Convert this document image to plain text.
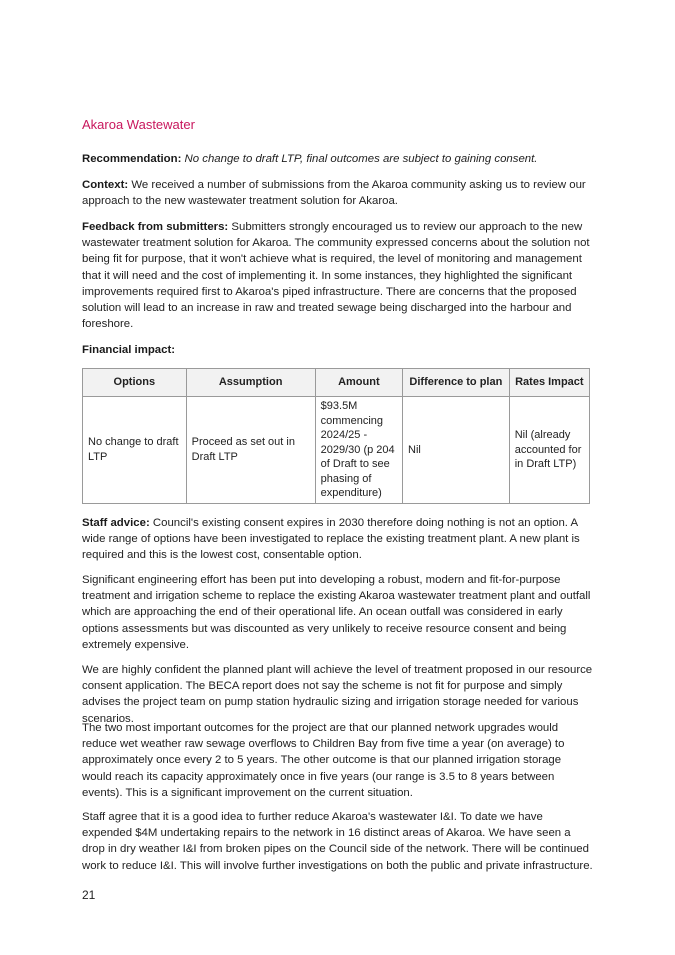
Akaroa Wastewater

Recommendation: No change to draft LTP, final outcomes are subject to gaining consent.

Context: We received a number of submissions from the Akaroa community asking us to review our approach to the new wastewater treatment solution for Akaroa.

Feedback from submitters: Submitters strongly encouraged us to review our approach to the new wastewater treatment solution for Akaroa. The community expressed concerns about the solution not being fit for purpose, that it won't achieve what is required, the level of monitoring and management that it will need and the cost of implementing it. In some instances, they highlighted the significant improvements required first to Akaroa's piped infrastructure. There are concerns that the proposed solution will lead to an increase in raw and treated sewage being discharged into the harbour and foreshore.

Financial impact:

Options	Assumption	Amount	Difference to plan	Rates Impact
No change to draft LTP	Proceed as set out in Draft LTP	$93.5M commencing 2024/25 - 2029/30 (p 204 of Draft to see phasing of expenditure)	Nil	Nil (already accounted for in Draft LTP)

Staff advice: Council's existing consent expires in 2030 therefore doing nothing is not an option. A wide range of options have been investigated to replace the existing treatment plant. A new plant is required and this is the lowest cost, consentable option.

Significant engineering effort has been put into developing a robust, modern and fit-for-purpose treatment and irrigation scheme to replace the existing Akaroa wastewater treatment plant and outfall which are approaching the end of their operational life. An ocean outfall was considered in early options assessments but was discounted as very unlikely to receive resource consent and being extremely expensive.

We are highly confident the planned plant will achieve the level of treatment proposed in our resource consent application. The BECA report does not say the scheme is not fit for purpose and simply advises the project team on pump station hydraulic sizing and irrigation storage needed for various scenarios.

The two most important outcomes for the project are that our planned network upgrades would reduce wet weather raw sewage overflows to Children Bay from five time a year (on average) to approximately once every 2 to 5 years. The other outcome is that our planned irrigation storage would reach its capacity approximately once in five years (our range is 3.5 to 8 years between events). This is a significant improvement on the current situation.

Staff agree that it is a good idea to further reduce Akaroa's wastewater I&I. To date we have expended $4M undertaking repairs to the network in 16 distinct areas of Akaroa. We have seen a drop in dry weather I&I from broken pipes on the Council side of the network. There will be continued work to reduce I&I. This will involve further investigations on both the public and private infrastructure.

21
